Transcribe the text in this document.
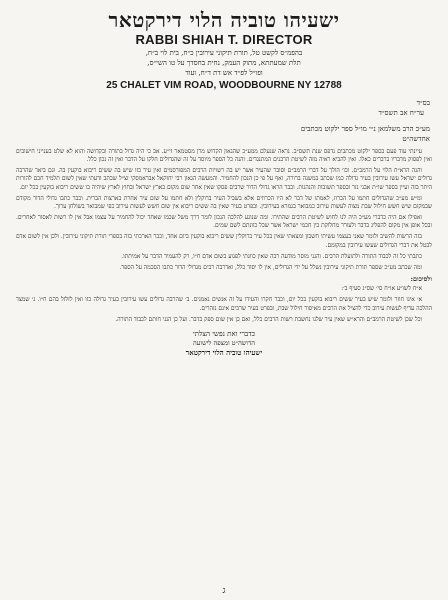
ישעיהו טוביה הלוי דירקטאר
RABBI SHIAH T. DIRECTOR
בהפמ״ס לקשט טל, תורת תיקוני עירובין כ״ח, בית לוי ב״ח,
תלת שמעתתא, מתוק העמק, נחית בחסדך על טו השי״ס,
ופו״ל לפ״ד אש דת ד״ח, ועוד
25 CHALET VIM ROAD, WOODBOURNE NY 12788
בס״ד
ער״ח אב תשס״ד
מע״כ הרב משלמאן נ״י מו״ל ספר ילקוט מכתבים
אחדשה״ט

עיינתי עוד פעם בספר ילקוט מכתבים נדפס שנת תשס״ב. נראה שנעלם ממע״כ שהגאון הקדוש מרן מסטמאר זי״ע. אכ כי היה גדול בתורה ובקדושה והוא לא שלט בענייני חישובים ואין לפסוק מדבריו ברברים כאלו. ואין להביא ראיה מזה לשיטת הרבנים המתנגדים. והנה כל הספר מיוסד על זה שהגדולים חלקו על הדבר ואין זה נכון כלל.

והנה הרא״ח הלוי על הרמב״ם. וכו׳ הולך על דברי הרמב״ם וסובר שהעיר אשר יש בה רשויות הרבים המפורסמים ואין עיר כזו שיש בה ששים ריבוא בוקעין בה. וגם ביאר שהרבה גדולים ישראל עשו עירובין בעיר גדולה כמו שכתב במשנה ברורה, ואף על פי כן הנכון להחמיר. והמעשה הגאון רבי יחזקאל אבראמסקי זצ״ל שכתב ודעתי שאין לשום תלמיד חכם להורות היתר בזה ועיין בספר שו״ת אבני נזר ובספר תשובות והנהגות. וכבר הראו גדולי הדור שרבים פסקו שאין אחר שום מקום בארץ ישראל ובחוץ לארץ שיהיה בו ששים ריבוא בוקעין בכל יום.

ומ״ש מע״כ שהגדולים חתמו על הכרוז, לאמתו של דבר לא היו הכרוזים אלא בשביל העיר ברוקלין ולא חתמו על שום עיר אחרת בארצות הברית. וכבר כתבו גדולי הדור מקודם שבמקום שיש חשש חילול שבת מצוה לעשות עירוב כמבואר בגמרא בעירובין. ובפרט בעיר שאין בה ששים ריבוא אין שום חשש לעשות עירוב כפי שמבואר בשולחן ערוך.

ואפילו אם היה כדברי מע״כ היה לנו לחוש לשיטת הרבים שהתירו. ומה שנוגע להלכה הנכון לומר דרך משל שכמו שאחד יכול להחמיר על עצמו אבל אין לו רשות לאסור לאחרים. ובכל אופן אין מקום להפליג בדבר ולעורר מחלוקת בין חכמי ישראל אשר שכל כוונתם לשם שמים.

בזה הרשות להשיב ולומר שאני בעצמי עשיתי חשבון ומצאתי שאין בכל עיר ברוקלין ששים ריבוא בוקעין ביום אחד, וכבר הארכתי בזה בספרי תורת תיקוני עירובין. ולכן אין לשום אדם לבטל את דברי הגדולים שעשו עירובין במקומם.

כתבתי כל זה לכבוד התורה ולתועלת הרבים. והנני מוסר מודעה רבה שאין כוונתי לפגוע בשום אדם ח״ו, רק להעמיד הדבר על אמיתתו.

ומה שכתב מע״כ שספר תורת תיקוני עירובין נשלל על ידי הגדולים, אין לו יסוד כלל, ואדרבה רבים מגדולי הדור כתבו הסכמה על הספר.

ולסיכום:

א״ח לשו״ע או״ח סי׳ שס״ג סעיף ב׳:

א׳ אינו חוזר ולומר שיש בעיר ששים ריבוא בוקעין בכל יום, וכבר חקרו והעידו על זה אנשים נאמנים. ב׳ שהרבה גדולים עשו עירובין בעיר גדולה כזו ואין לזלזל בהם ח״ו. ג׳ שמצד ההלכה עדיף לעשות עירוב כדי להציל את הרבים מאיסור חילול שבת, ובפרט בעיר שרבים אינם נזהרים.

וכל שכן לשיטת הרמב״ם והרא״ש שאין עיר שלנו נחשבת רשות הרבים כלל, ואם כן אין שום ספק בדבר. ועל כן הנני חותם לכבוד התורה.

כדברי ואת נפשי הצלתי
הדושה״ט ומצפה לישועה
ישעיהו טוביה הלוי דירקטאר
ג
